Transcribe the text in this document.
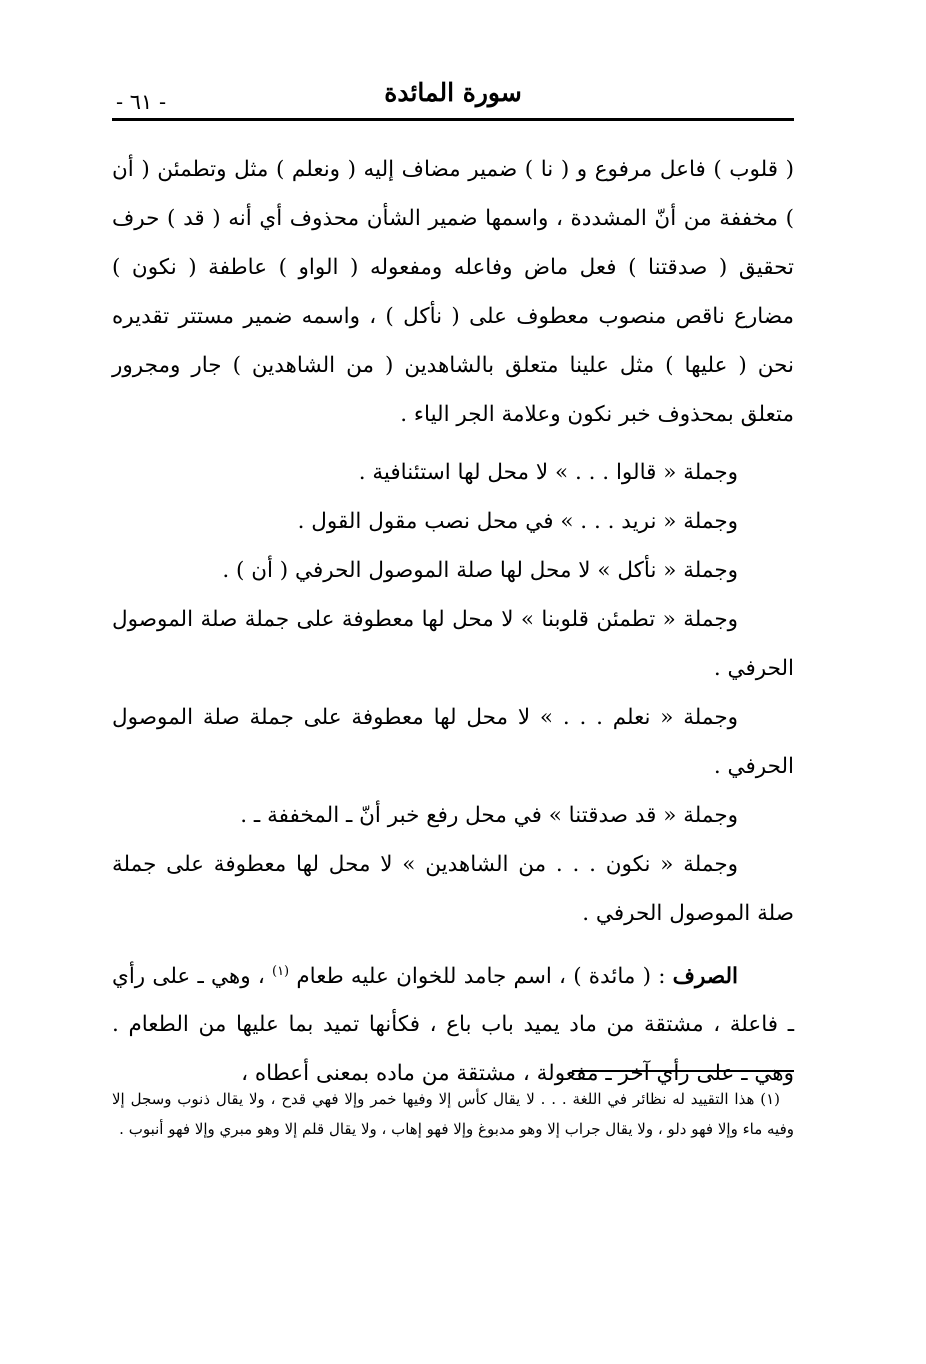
سورة المائدة
- ٦١ -

( قلوب ) فاعل مرفوع و ( نا ) ضمير مضاف إليه ( ونعلم ) مثل وتطمئن ( أن ) مخففة من أنّ المشددة ، واسمها ضمير الشأن محذوف أي أنه ( قد ) حرف تحقيق ( صدقتنا ) فعل ماض وفاعله ومفعوله ( الواو ) عاطفة ( نكون ) مضارع ناقص منصوب معطوف على ( نأكل ) ، واسمه ضمير مستتر تقديره نحن ( عليها ) مثل علينا متعلق بالشاهدين ( من الشاهدين ) جار ومجرور متعلق بمحذوف خبر نكون وعلامة الجر الياء .

وجملة « قالوا . . . » لا محل لها استئنافية .

وجملة « نريد . . . » في محل نصب مقول القول .

وجملة « نأكل » لا محل لها صلة الموصول الحرفي ( أن ) .

وجملة « تطمئن قلوبنا » لا محل لها معطوفة على جملة صلة الموصول الحرفي .

وجملة « نعلم . . . » لا محل لها معطوفة على جملة صلة الموصول الحرفي .

وجملة « قد صدقتنا » في محل رفع خبر أنّ ـ المخففة ـ .

وجملة « نكون . . . من الشاهدين » لا محل لها معطوفة على جملة صلة الموصول الحرفي .

الصرف : ( مائدة ) ، اسم جامد للخوان عليه طعام $^{(١)}$ ، وهي ـ على رأي ـ فاعلة ، مشتقة من ماد يميد باب باع ، فكأنها تميد بما عليها من الطعام . وهي ـ على رأي آخر ـ مفعولة ، مشتقة من ماده بمعنى أعطاه ،

(١) هذا التقييد له نظائر في اللغة . . . لا يقال كأس إلا وفيها خمر وإلا فهي قدح ، ولا يقال ذنوب وسجل إلا وفيه ماء وإلا فهو دلو ، ولا يقال جراب إلا وهو مدبوغ وإلا فهو إهاب ، ولا يقال قلم إلا وهو مبري وإلا فهو أنبوب .
